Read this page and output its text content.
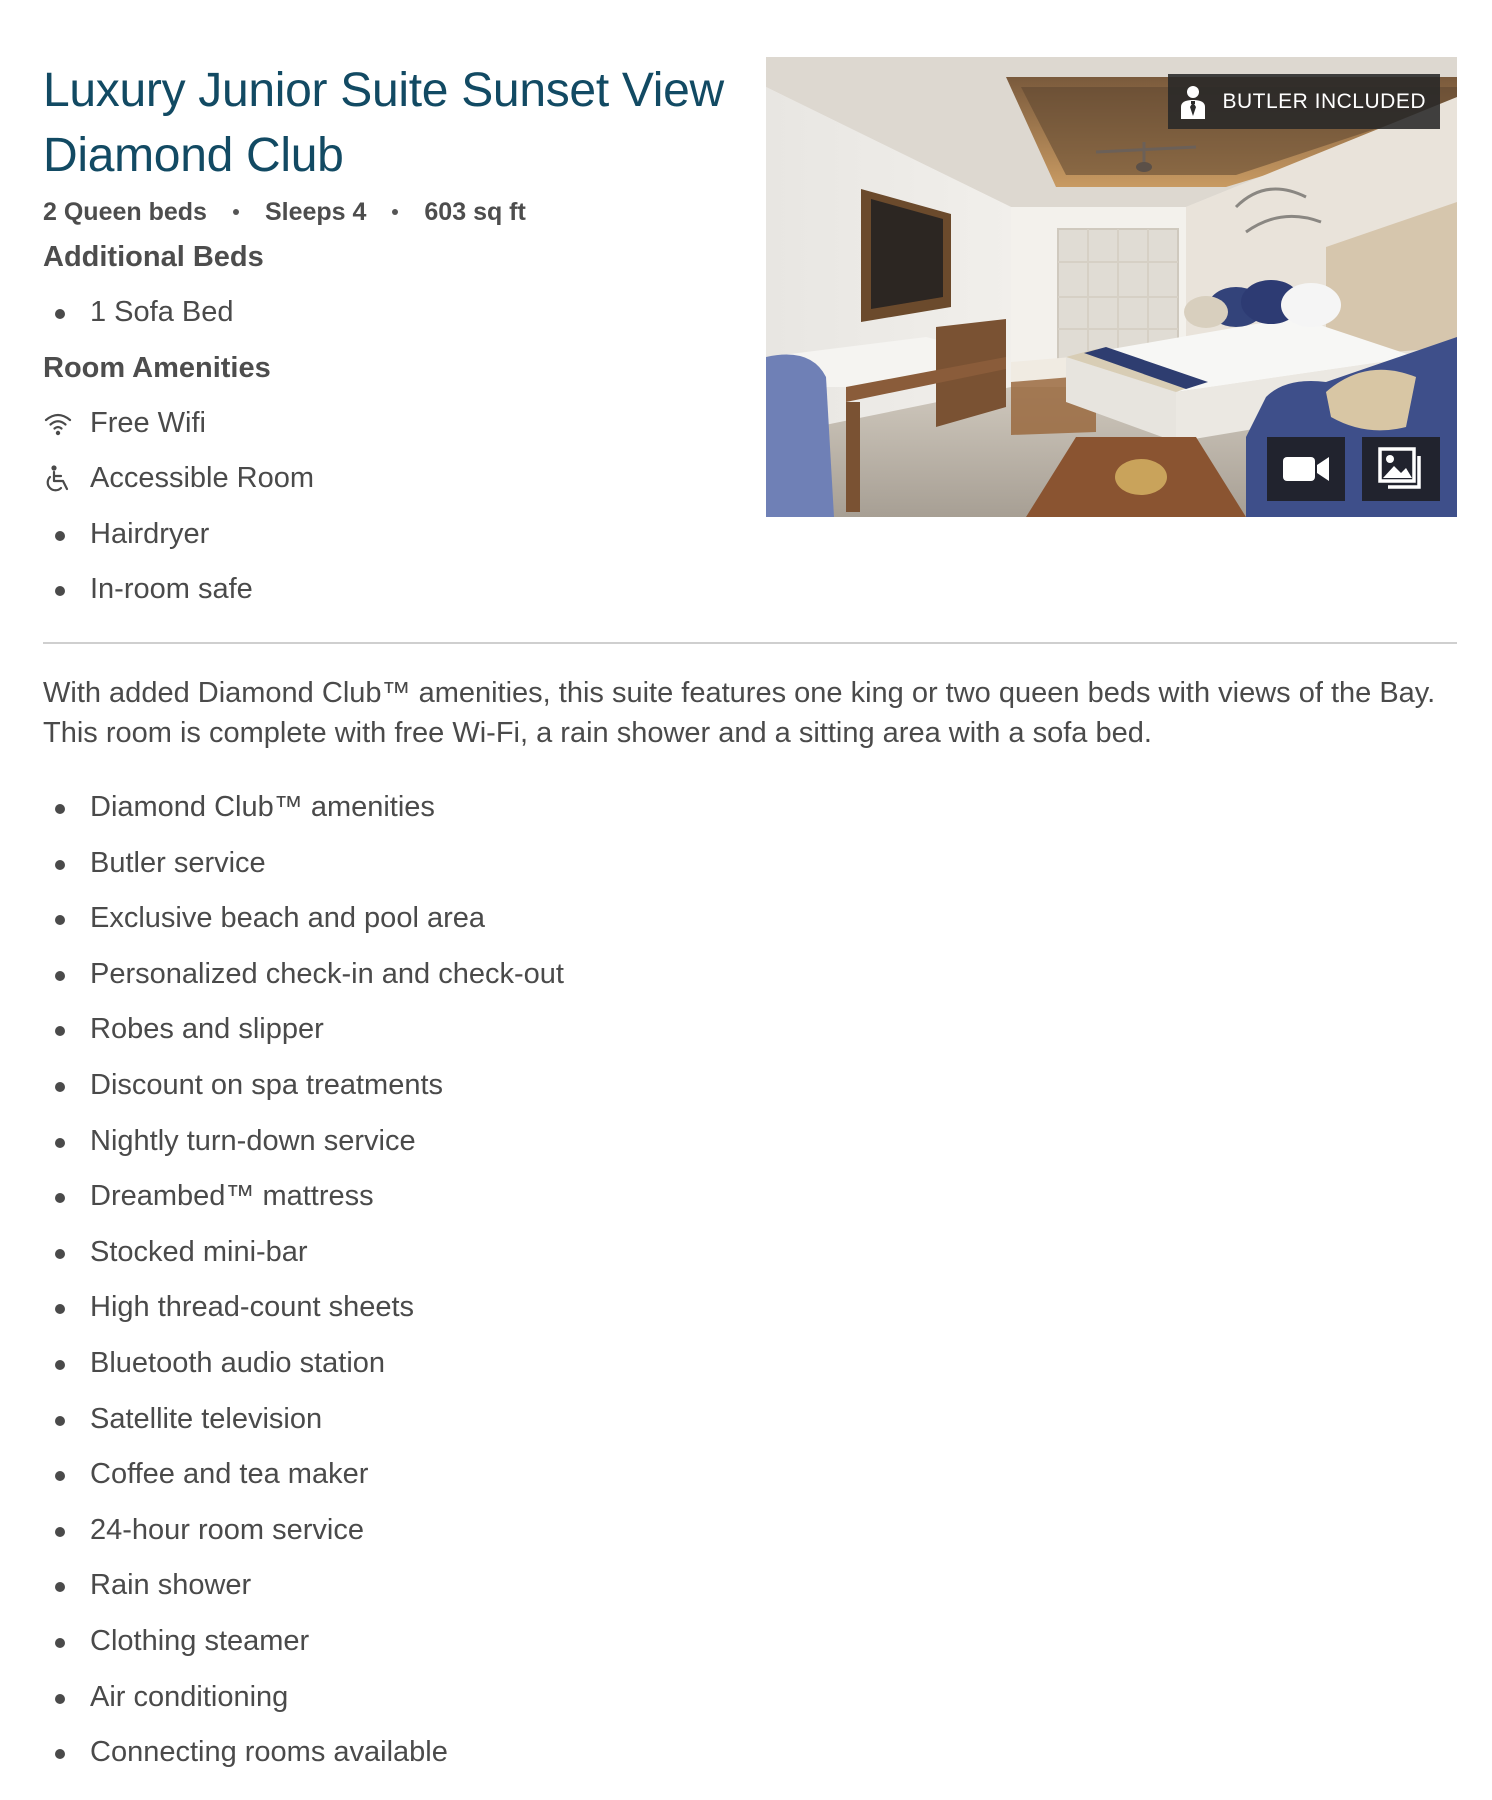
Luxury Junior Suite Sunset View
Diamond Club
2 Queen beds Sleeps 4 603 sq ft
Additional Beds
1 Sofa Bed
Room Amenities
Free Wifi
Accessible Room
Hairdryer
In-room safe
BUTLER INCLUDED

With added Diamond Club™ amenities, this suite features one king or two queen beds with views of the Bay. This room is complete with free Wi-Fi, a rain shower and a sitting area with a sofa bed.

Diamond Club™ amenities
Butler service
Exclusive beach and pool area
Personalized check-in and check-out
Robes and slipper
Discount on spa treatments
Nightly turn-down service
Dreambed™ mattress
Stocked mini-bar
High thread-count sheets
Bluetooth audio station
Satellite television
Coffee and tea maker
24-hour room service
Rain shower
Clothing steamer
Air conditioning
Connecting rooms available
